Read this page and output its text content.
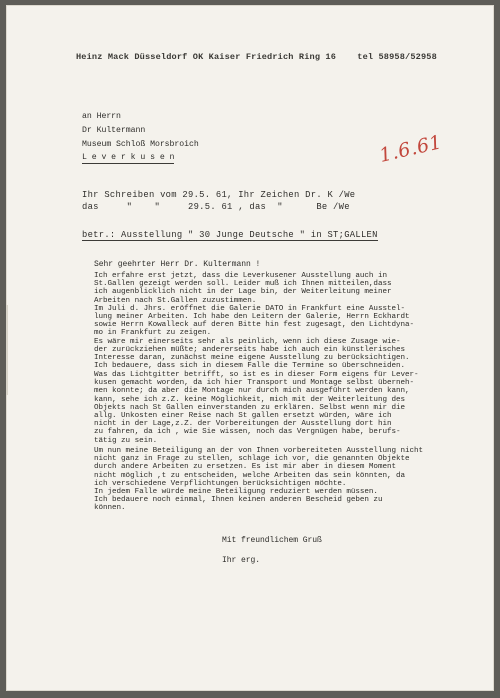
Heinz Mack Düsseldorf OK Kaiser Friedrich Ring 16    tel 58958/52958
an Herrn
Dr Kultermann
Museum Schloß Morsbroich
L e v e r k u s e n	1.6.61
Ihr Schreiben vom 29.5. 61, Ihr Zeichen Dr. K /We
das     "    "     29.5. 61 , das  "      Be /We
betr.: Ausstellung " 30 Junge Deutsche " in ST;GALLEN
Sehr geehrter Herr Dr. Kultermann !
Ich erfahre erst jetzt, dass die Leverkusener Ausstellung auch in
St.Gallen gezeigt werden soll. Leider muß ich Ihnen mitteilen,dass
ich augenblicklich nicht in der Lage bin, der Weiterleitung meiner
Arbeiten nach St.Gallen zuzustimmen.
Im Juli d. Jhrs. eröffnet die Galerie DATO in Frankfurt eine Ausstel-
lung meiner Arbeiten. Ich habe den Leitern der Galerie, Herrn Eckhardt
sowie Herrn Kowalleck auf deren Bitte hin fest zugesagt, den Lichtdyna-
mo in Frankfurt zu zeigen.
Es wäre mir einerseits sehr als peinlich, wenn ich diese Zusage wie-
der zurückziehen müßte; andererseits habe ich auch ein künstlerisches
Interesse daran, zunächst meine eigene Ausstellung zu berücksichtigen.
Ich bedauere, dass sich in diesem Falle die Termine so überschneiden.
Was das Lichtgitter betrifft, so ist es in dieser Form eigens für Lever-
kusen gemacht worden, da ich hier Transport und Montage selbst überneh-
men konnte; da aber die Montage nur durch mich ausgeführt werden kann,
kann, sehe ich z.Z. keine Möglichkeit, mich mit der Weiterleitung des
Objekts nach St Gallen einverstanden zu erklären. Selbst wenn mir die
allg. Unkosten einer Reise nach St gallen ersetzt würden, wäre ich
nicht in der Lage,z.Z. der Vorbereitungen der Ausstellung dort hin
zu fahren, da ich , wie Sie wissen, noch das Vergnügen habe, berufs-
tätig zu sein.
Um nun meine Beteiligung an der von Ihnen vorbereiteten Ausstellung nicht
nicht ganz in Frage zu stellen, schlage ich vor, die genannten Objekte
durch andere Arbeiten zu ersetzen. Es ist mir aber in diesem Moment
nicht möglich ,t zu entscheiden, welche Arbeiten das sein könnten, da
ich verschiedene Verpflichtungen berücksichtigen möchte.
In jedem Falle würde meine Beteiligung reduziert werden müssen.
Ich bedauere noch einmal, Ihnen keinen anderen Bescheid geben zu
können.
Mit freundlichem Gruß
Ihr erg.
